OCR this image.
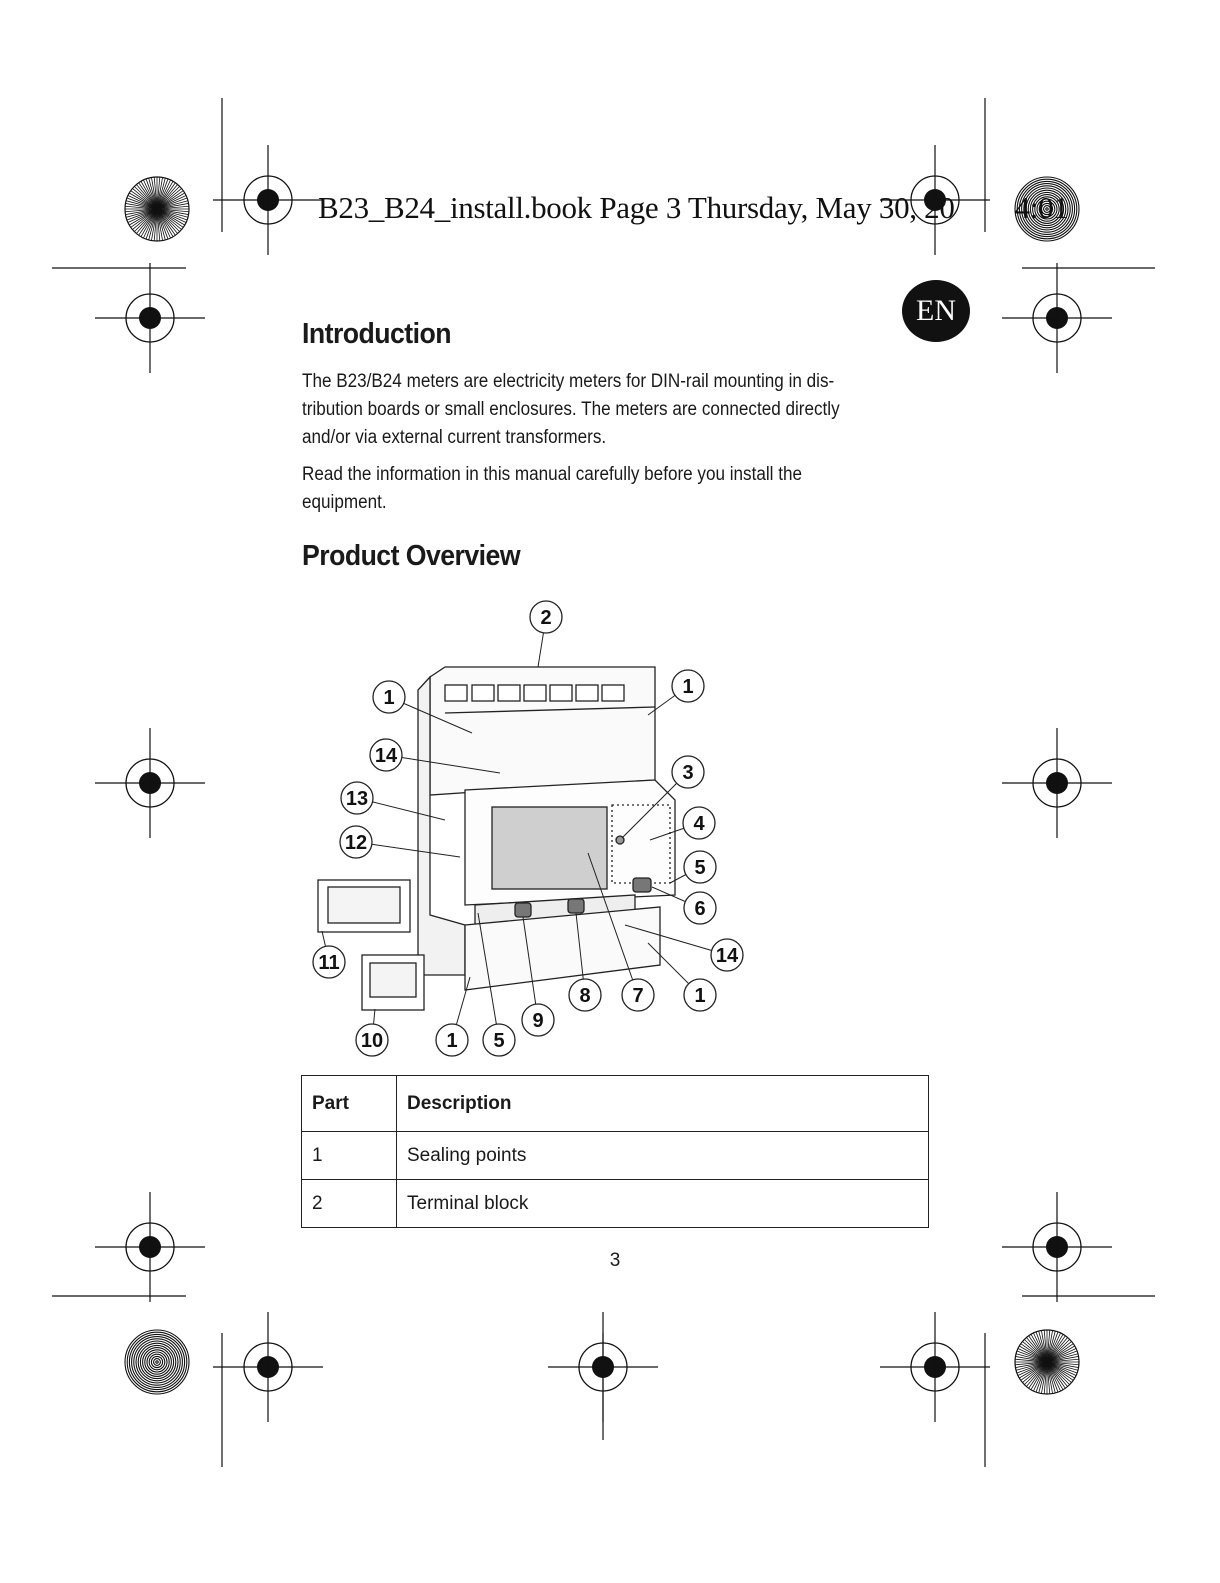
B23_B24_install.book Page 3 Thursday, May 30, 20 4:01
EN
Introduction

The B23/B24 meters are electricity meters for DIN-rail mounting in dis-
tribution boards or small enclosures. The meters are connected directly
and/or via external current transformers.

Read the information in this manual carefully before you install the
equipment.

Product Overview
1
2
1
14
3
13
4
12
5
6
11	14
10	1 5
9
8 7	1
Part	Description
1	Sealing points
2	Terminal block
3
